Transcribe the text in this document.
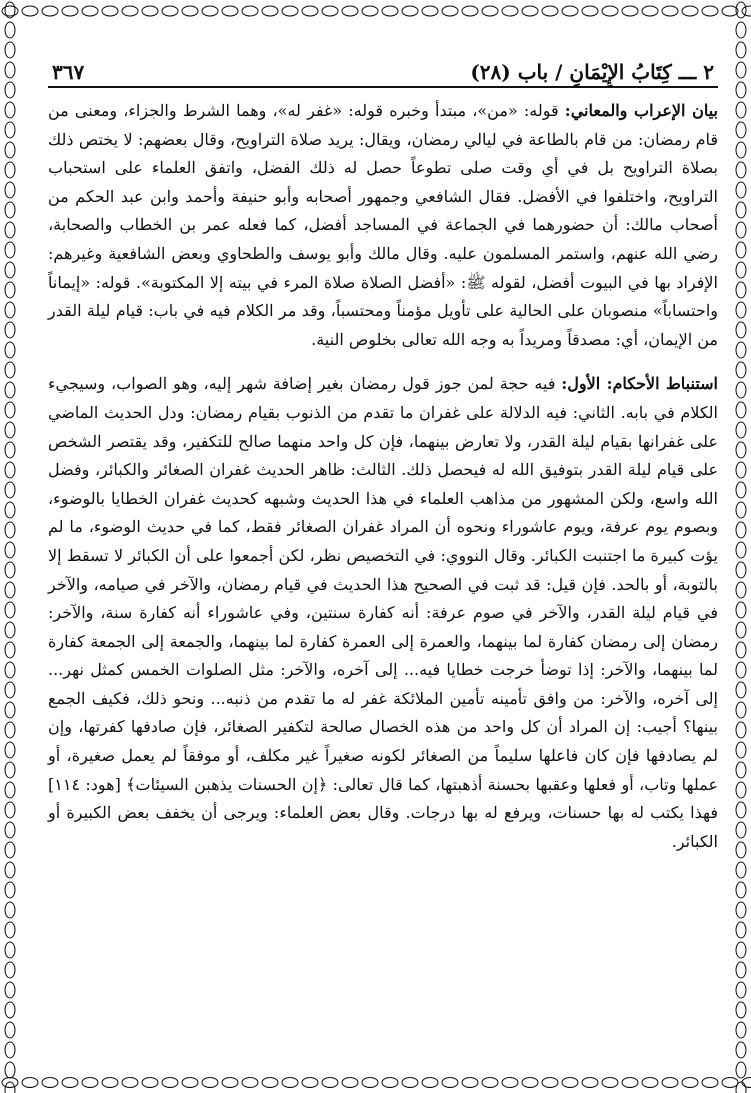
٢ ـــ كِتَابُ الإِيْمَانِ / باب (٢٨)
٣٦٧

بيان الإعراب والمعاني: قوله: «من»، مبتدأ وخبره قوله: «غفر له»، وهما الشرط والجزاء، ومعنى من قام رمضان: من قام بالطاعة في ليالي رمضان، ويقال: يريد صلاة التراويح، وقال بعضهم: لا يختص ذلك بصلاة التراويح بل في أي وقت صلى تطوعاً حصل له ذلك الفضل، واتفق العلماء على استحباب التراويح، واختلفوا في الأفضل. فقال الشافعي وجمهور أصحابه وأبو حنيفة وأحمد وابن عبد الحكم من أصحاب مالك: أن حضورهما في الجماعة في المساجد أفضل، كما فعله عمر بن الخطاب والصحابة، رضي الله عنهم، واستمر المسلمون عليه. وقال مالك وأبو يوسف والطحاوي وبعض الشافعية وغيرهم: الإفراد بها في البيوت أفضل، لقوله ﷺ: «أفضل الصلاة صلاة المرء في بيته إلا المكتوبة». قوله: «إيماناً واحتساباً» منصوبان على الحالية على تأويل مؤمناً ومحتسباً، وقد مر الكلام فيه في باب: قيام ليلة القدر من الإيمان، أي: مصدقاً ومريداً به وجه الله تعالى بخلوص النية.

استنباط الأحكام: الأول: فيه حجة لمن جوز قول رمضان بغير إضافة شهر إليه، وهو الصواب، وسيجيء الكلام في بابه. الثاني: فيه الدلالة على غفران ما تقدم من الذنوب بقيام رمضان: ودل الحديث الماضي على غفرانها بقيام ليلة القدر، ولا تعارض بينهما، فإن كل واحد منهما صالح للتكفير، وقد يقتصر الشخص على قيام ليلة القدر بتوفيق الله له فيحصل ذلك. الثالث: ظاهر الحديث غفران الصغائر والكبائر، وفضل الله واسع، ولكن المشهور من مذاهب العلماء في هذا الحديث وشبهه كحديث غفران الخطايا بالوضوء، وبصوم يوم عرفة، ويوم عاشوراء ونحوه أن المراد غفران الصغائر فقط، كما في حديث الوضوء، ما لم يؤت كبيرة ما اجتنبت الكبائر. وقال النووي: في التخصيص نظر، لكن أجمعوا على أن الكبائر لا تسقط إلا بالتوبة، أو بالحد. فإن قيل: قد ثبت في الصحيح هذا الحديث في قيام رمضان، والآخر في صيامه، والآخر في قيام ليلة القدر، والآخر في صوم عرفة: أنه كفارة سنتين، وفي عاشوراء أنه كفارة سنة، والآخر: رمضان إلى رمضان كفارة لما بينهما، والعمرة إلى العمرة كفارة لما بينهما، والجمعة إلى الجمعة كفارة لما بينهما، والآخر: إذا توضأ خرجت خطايا فيه... إلى آخره، والآخر: مثل الصلوات الخمس كمثل نهر... إلى آخره، والآخر: من وافق تأمينه تأمين الملائكة غفر له ما تقدم من ذنبه... ونحو ذلك، فكيف الجمع بينها؟ أجيب: إن المراد أن كل واحد من هذه الخصال صالحة لتكفير الصغائر، فإن صادفها كفرتها، وإن لم يصادفها فإن كان فاعلها سليماً من الصغائر لكونه صغيراً غير مكلف، أو موفقاً لم يعمل صغيرة، أو عملها وتاب، أو فعلها وعقبها بحسنة أذهبتها، كما قال تعالى: ﴿إن الحسنات يذهبن السيئات﴾ [هود: ١١٤] فهذا يكتب له بها حسنات، ويرفع له بها درجات. وقال بعض العلماء: ويرجى أن يخفف بعض الكبيرة أو الكبائر.
